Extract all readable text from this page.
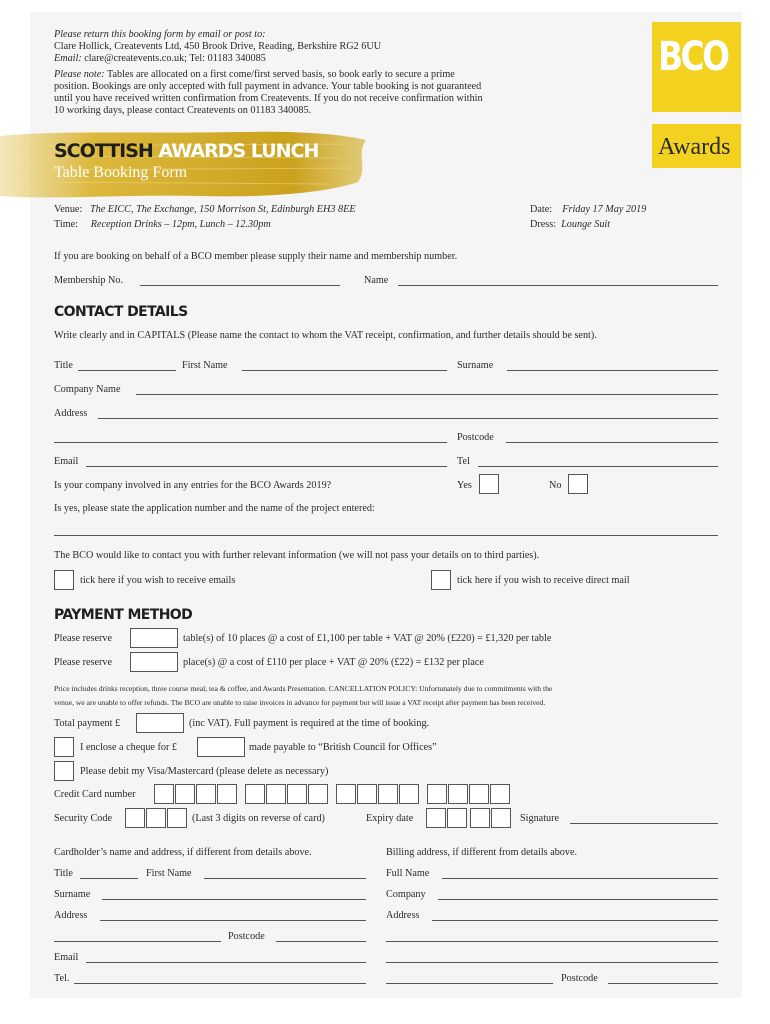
Please return this booking form by email or post to:
Clare Hollick, Createvents Ltd, 450 Brook Drive, Reading, Berkshire RG2 6UU
Email: clare@createvents.co.uk; Tel: 01183 340085
Please note: Tables are allocated on a first come/first served basis, so book early to secure a prime
position. Bookings are only accepted with full payment in advance. Your table booking is not guaranteed
until you have received written confirmation from Createvents. If you do not receive confirmation within
10 working days, please contact Createvents on 01183 340085.
BCO
Awards
SCOTTISH AWARDS LUNCH
Table Booking Form
Venue: The EICC, The Exchange, 150 Morrison St, Edinburgh EH3 8EE
Time: Reception Drinks – 12pm, Lunch – 12.30pm
Date: Friday 17 May 2019
Dress: Lounge Suit
If you are booking on behalf of a BCO member please supply their name and membership number.
Membership No.	Name
CONTACT DETAILS
Write clearly and in CAPITALS (Please name the contact to whom the VAT receipt, confirmation, and further details should be sent).
Title	First Name	Surname
Company Name
Address
Postcode
Email	Tel
Is your company involved in any entries for the BCO Awards 2019?	Yes	No
Is yes, please state the application number and the name of the project entered:
The BCO would like to contact you with further relevant information (we will not pass your details on to third parties).
tick here if you wish to receive emails	tick here if you wish to receive direct mail
PAYMENT METHOD
Please reserve	table(s) of 10 places @ a cost of £1,100 per table + VAT @ 20% (£220) = £1,320 per table
Please reserve	place(s) @ a cost of £110 per place + VAT @ 20% (£22) = £132 per place
Price includes drinks reception, three course meal, tea & coffee, and Awards Presentation. CANCELLATION POLICY: Unfortunately due to commitments with the
venue, we are unable to offer refunds. The BCO are unable to raise invoices in advance for payment but will issue a VAT receipt after payment has been received.
Total payment £	(inc VAT). Full payment is required at the time of booking.
I enclose a cheque for £	made payable to “British Council for Offices”
Please debit my Visa/Mastercard (please delete as necessary)
Credit Card number
Security Code	(Last 3 digits on reverse of card)	Expiry date	Signature
Cardholder’s name and address, if different from details above.
Title	First Name
Surname
Address
Postcode
Email
Tel.
Billing address, if different from details above.
Full Name
Company
Address
Postcode
